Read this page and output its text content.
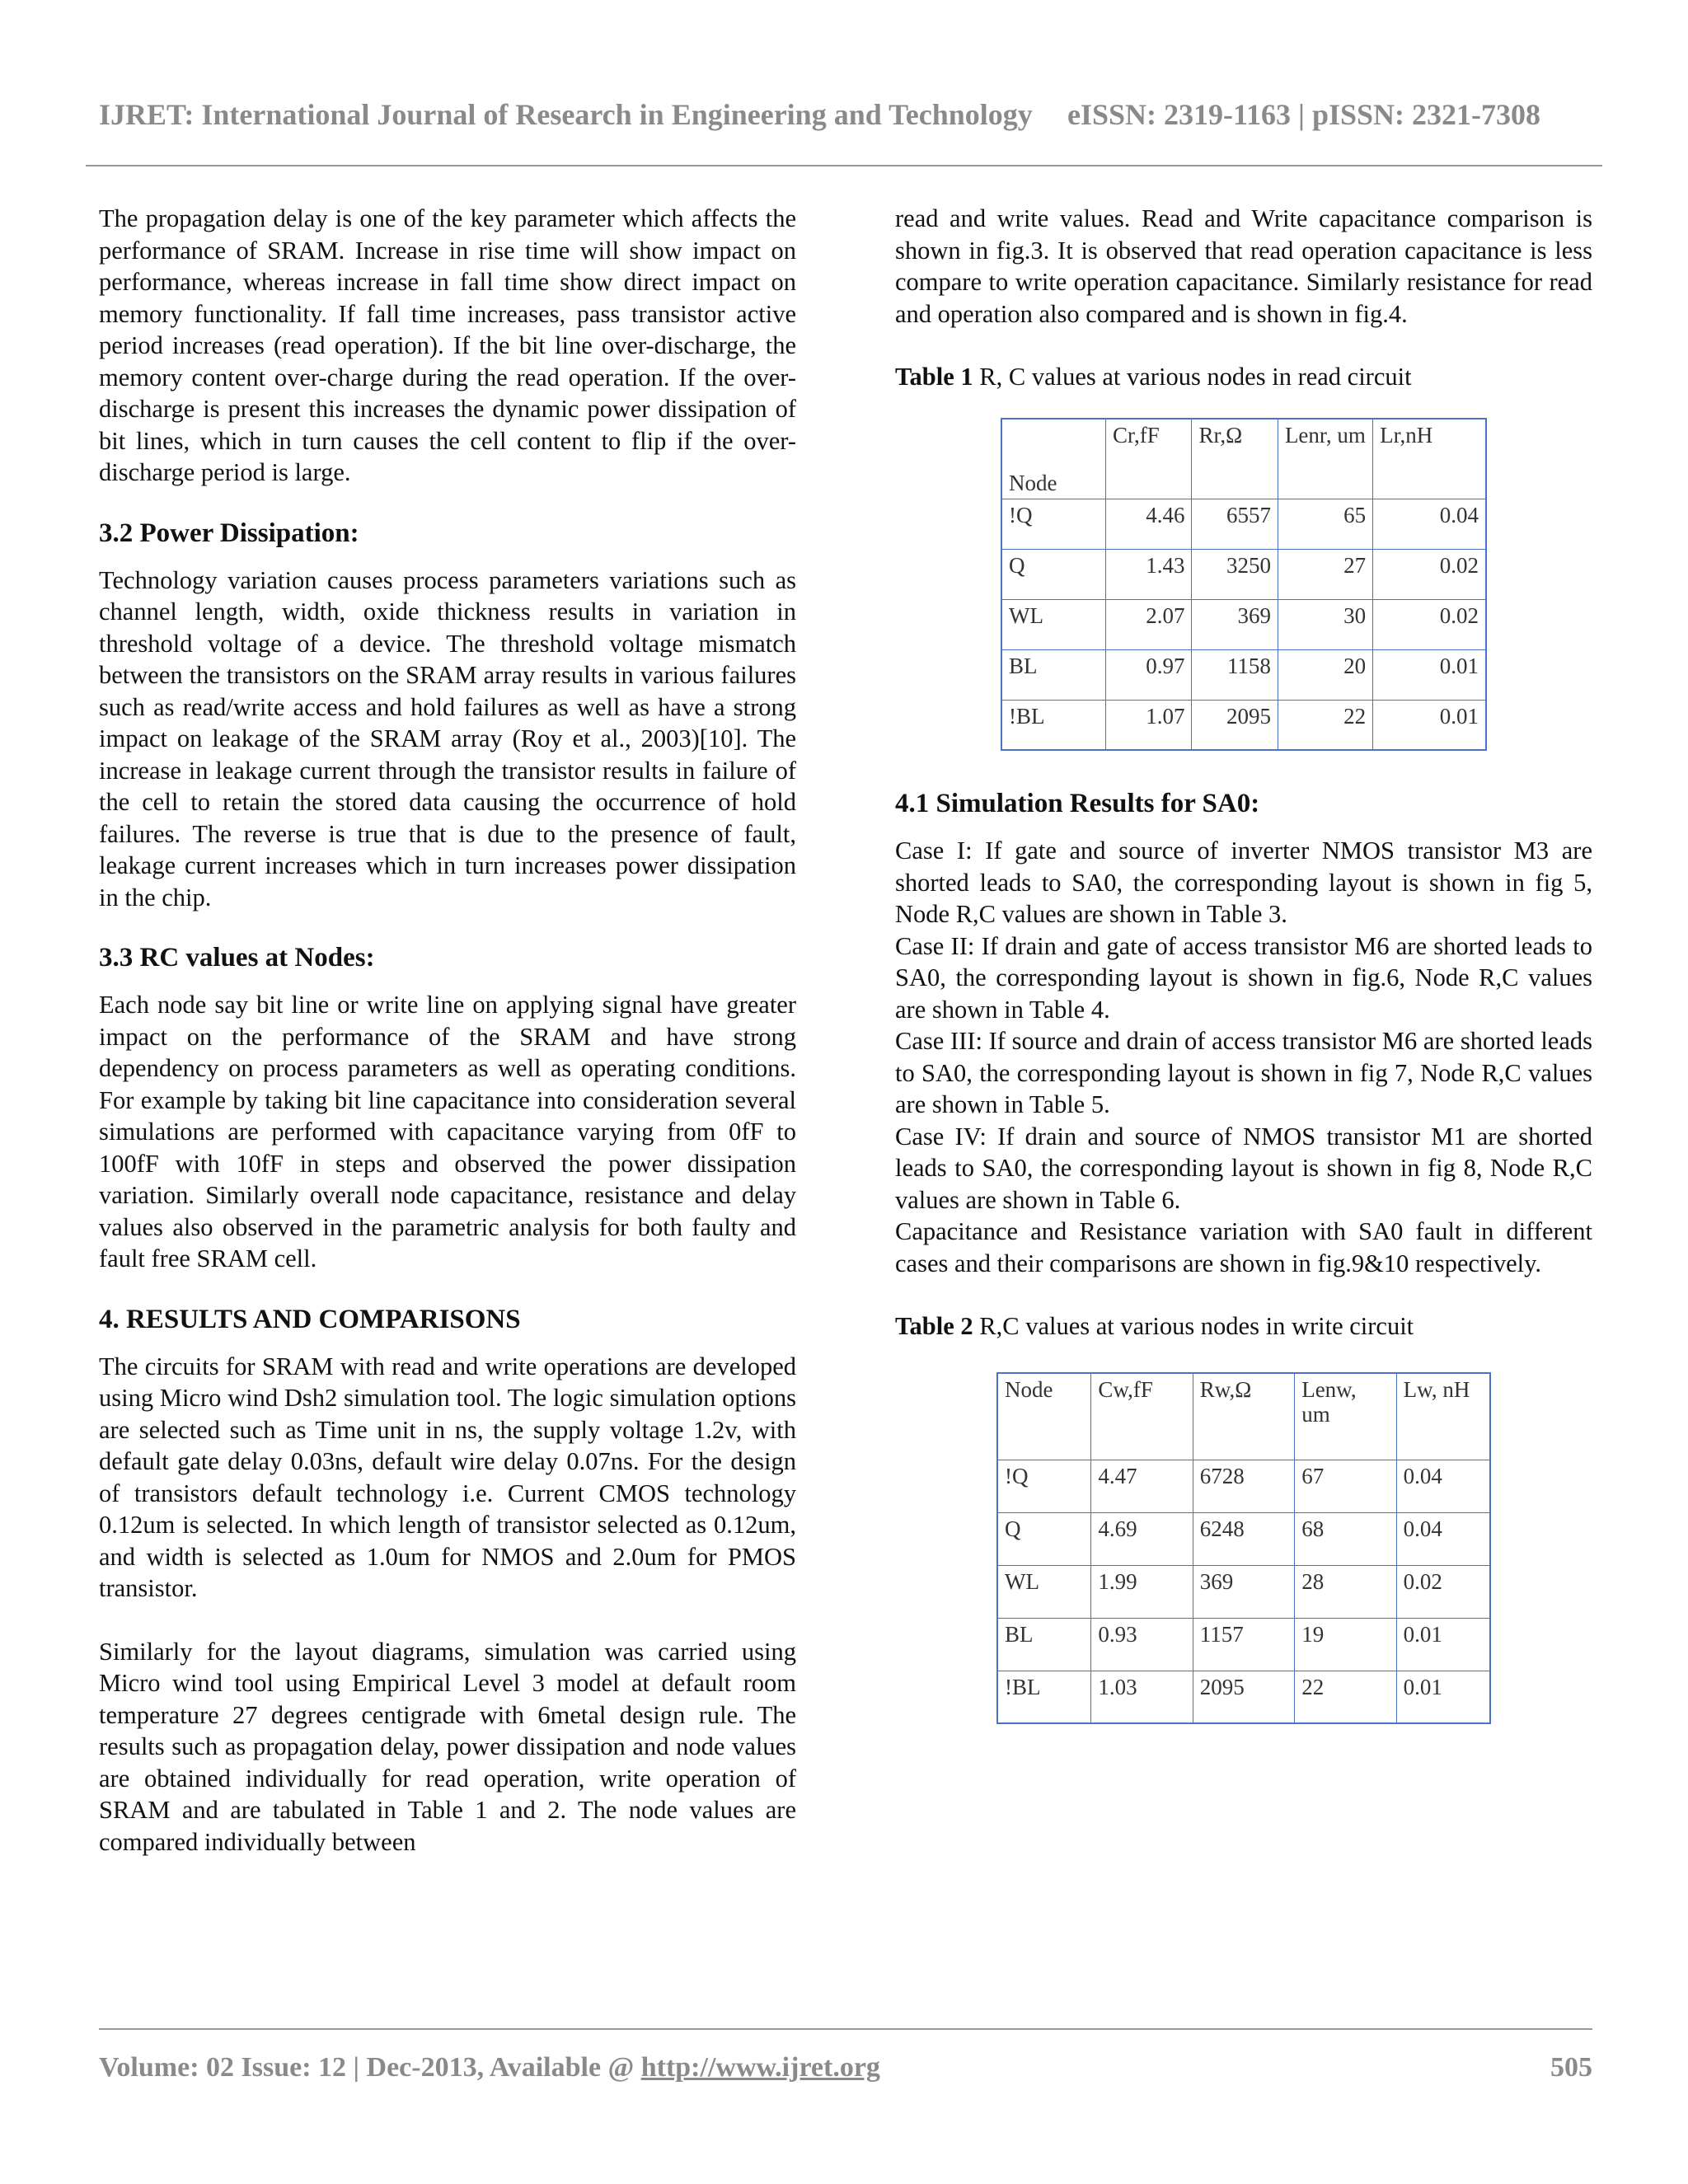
IJRET: International Journal of Research in Engineering and Technology eISSN: 2319-1163 | pISSN: 2321-7308

The propagation delay is one of the key parameter which affects the performance of SRAM. Increase in rise time will show impact on performance, whereas increase in fall time show direct impact on memory functionality. If fall time increases, pass transistor active period increases (read operation). If the bit line over-discharge, the memory content over-charge during the read operation. If the over-discharge is present this increases the dynamic power dissipation of bit lines, which in turn causes the cell content to flip if the over-discharge period is large.

3.2 Power Dissipation:

Technology variation causes process parameters variations such as channel length, width, oxide thickness results in variation in threshold voltage of a device. The threshold voltage mismatch between the transistors on the SRAM array results in various failures such as read/write access and hold failures as well as have a strong impact on leakage of the SRAM array (Roy et al., 2003)[10]. The increase in leakage current through the transistor results in failure of the cell to retain the stored data causing the occurrence of hold failures. The reverse is true that is due to the presence of fault, leakage current increases which in turn increases power dissipation in the chip.

3.3 RC values at Nodes:

Each node say bit line or write line on applying signal have greater impact on the performance of the SRAM and have strong dependency on process parameters as well as operating conditions. For example by taking bit line capacitance into consideration several simulations are performed with capacitance varying from 0fF to 100fF with 10fF in steps and observed the power dissipation variation. Similarly overall node capacitance, resistance and delay values also observed in the parametric analysis for both faulty and fault free SRAM cell.

4. RESULTS AND COMPARISONS

The circuits for SRAM with read and write operations are developed using Micro wind Dsh2 simulation tool. The logic simulation options are selected such as Time unit in ns, the supply voltage 1.2v, with default gate delay 0.03ns, default wire delay 0.07ns. For the design of transistors default technology i.e. Current CMOS technology 0.12um is selected. In which length of transistor selected as 0.12um, and width is selected as 1.0um for NMOS and 2.0um for PMOS transistor.

Similarly for the layout diagrams, simulation was carried using Micro wind tool using Empirical Level 3 model at default room temperature 27 degrees centigrade with 6metal design rule. The results such as propagation delay, power dissipation and node values are obtained individually for read operation, write operation of SRAM and are tabulated in Table 1 and 2. The node values are compared individually between

read and write values. Read and Write capacitance comparison is shown in fig.3. It is observed that read operation capacitance is less compare to write operation capacitance. Similarly resistance for read and operation also compared and is shown in fig.4.

Table 1 R, C values at various nodes in read circuit

Node	Cr,fF	Rr,Ω	Lenr, um	Lr,nH
!Q	4.46	6557	65	0.04
Q	1.43	3250	27	0.02
WL	2.07	369	30	0.02
BL	0.97	1158	20	0.01
!BL	1.07	2095	22	0.01
4.1 Simulation Results for SA0:

Case I: If gate and source of inverter NMOS transistor M3 are shorted leads to SA0, the corresponding layout is shown in fig 5, Node R,C values are shown in Table 3.

Case II: If drain and gate of access transistor M6 are shorted leads to SA0, the corresponding layout is shown in fig.6, Node R,C values are shown in Table 4.

Case III: If source and drain of access transistor M6 are shorted leads to SA0, the corresponding layout is shown in fig 7, Node R,C values are shown in Table 5.

Case IV: If drain and source of NMOS transistor M1 are shorted leads to SA0, the corresponding layout is shown in fig 8, Node R,C values are shown in Table 6.

Capacitance and Resistance variation with SA0 fault in different cases and their comparisons are shown in fig.9&10 respectively.

Table 2 R,C values at various nodes in write circuit

Node	Cw,fF	Rw,Ω	Lenw, um	Lw, nH
!Q	4.47	6728	67	0.04
Q	4.69	6248	68	0.04
WL	1.99	369	28	0.02
BL	0.93	1157	19	0.01
!BL	1.03	2095	22	0.01
Volume: 02 Issue: 12 | Dec-2013, Available @ http://www.ijret.org	505
